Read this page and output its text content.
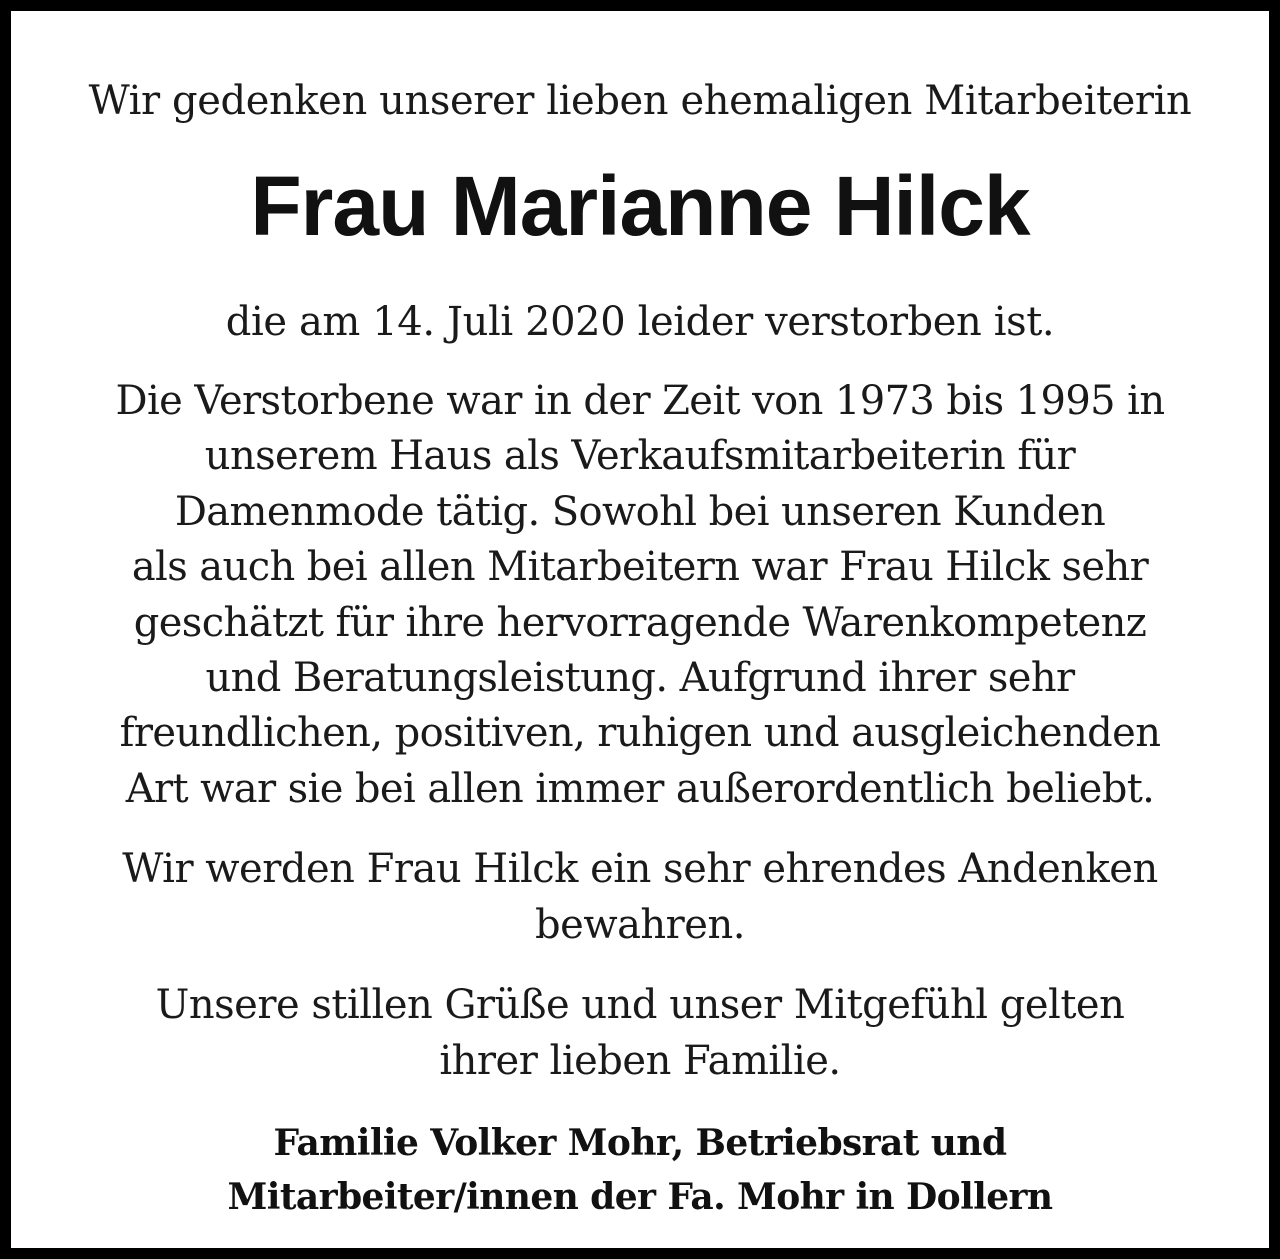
Wir gedenken unserer lieben ehemaligen Mitarbeiterin
Frau Marianne Hilck
die am 14. Juli 2020 leider verstorben ist.
Die Verstorbene war in der Zeit von 1973 bis 1995 in
unserem Haus als Verkaufsmitarbeiterin für
Damenmode tätig. Sowohl bei unseren Kunden
als auch bei allen Mitarbeitern war Frau Hilck sehr
geschätzt für ihre hervorragende Warenkompetenz
und Beratungsleistung. Aufgrund ihrer sehr
freundlichen, positiven, ruhigen und ausgleichenden
Art war sie bei allen immer außerordentlich beliebt.
Wir werden Frau Hilck ein sehr ehrendes Andenken
bewahren.
Unsere stillen Grüße und unser Mitgefühl gelten
ihrer lieben Familie.
Familie Volker Mohr, Betriebsrat und
Mitarbeiter/innen der Fa. Mohr in Dollern
